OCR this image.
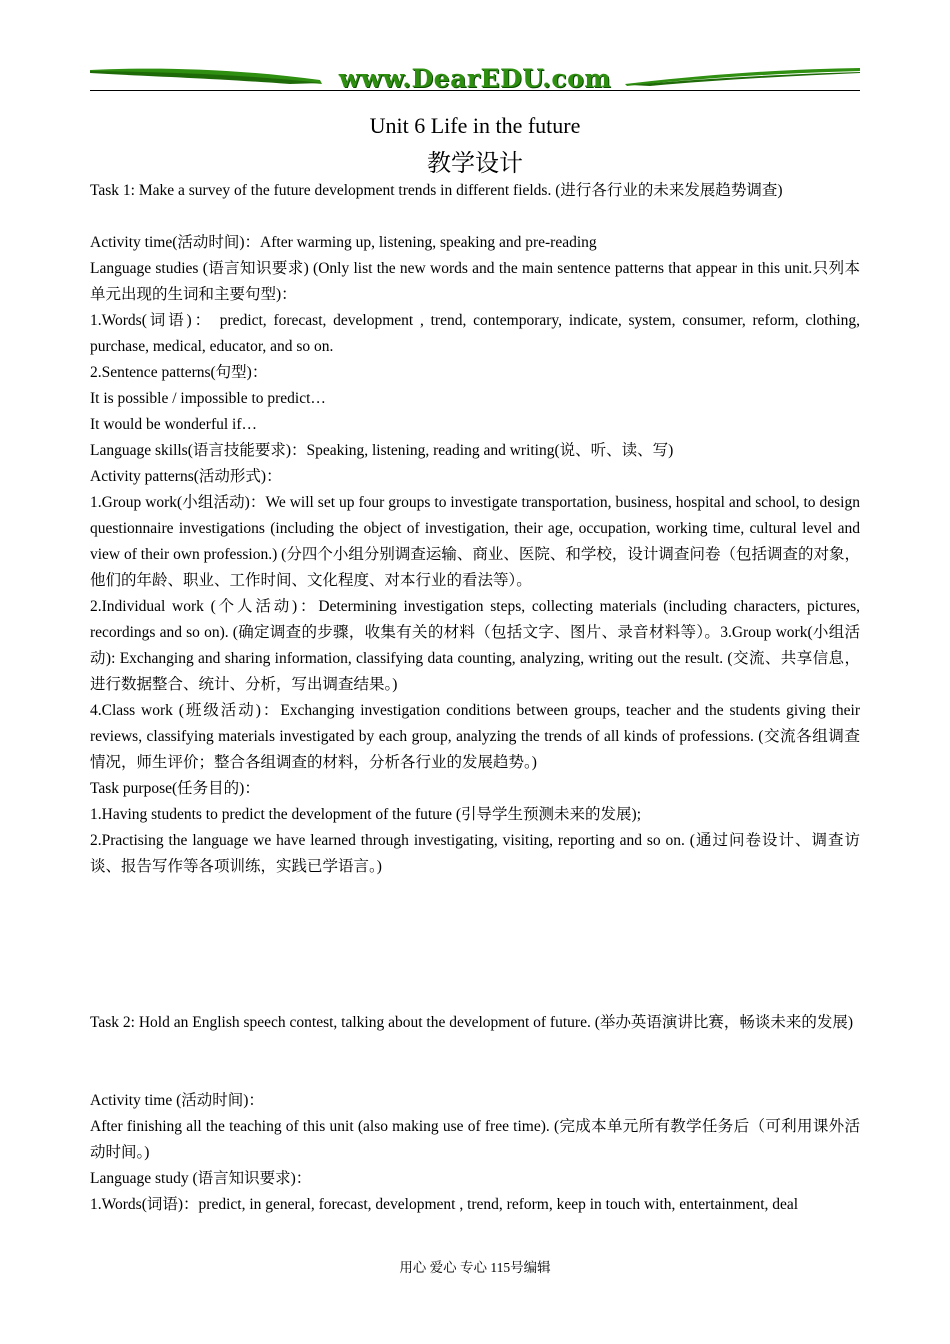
www.DearEDU.com
Unit 6 Life in the future
教学设计

Task 1: Make a survey of the future development trends in different fields. (进行各行业的未来发展趋势调查)

Activity time(活动时间)：After warming up, listening, speaking and pre-reading

Language studies (语言知识要求) (Only list the new words and the main sentence patterns that appear in this unit.只列本单元出现的生词和主要句型)：

1.Words(词语)： predict, forecast, development , trend, contemporary, indicate, system, consumer, reform, clothing, purchase, medical, educator, and so on.

2.Sentence patterns(句型)：

It is possible / impossible to predict…

It would be wonderful if…

Language skills(语言技能要求)：Speaking, listening, reading and writing(说、听、读、写)

Activity patterns(活动形式)：

1.Group work(小组活动)：We will set up four groups to investigate transportation, business, hospital and school, to design questionnaire investigations (including the object of investigation, their age, occupation, working time, cultural level and view of their own profession.) (分四个小组分别调查运输、商业、医院、和学校，设计调查问卷（包括调查的对象，他们的年龄、职业、工作时间、文化程度、对本行业的看法等）。

2.Individual work (个人活动)：Determining investigation steps, collecting materials (including characters, pictures, recordings and so on). (确定调查的步骤，收集有关的材料（包括文字、图片、录音材料等）。3.Group work(小组活动): Exchanging and sharing information, classifying data counting, analyzing, writing out the result. (交流、共享信息，进行数据整合、统计、分析，写出调查结果。)

4.Class work (班级活动)：Exchanging investigation conditions between groups, teacher and the students giving their reviews, classifying materials investigated by each group, analyzing the trends of all kinds of professions. (交流各组调查情况，师生评价；整合各组调查的材料，分析各行业的发展趋势。)

Task purpose(任务目的)：

1.Having students to predict the development of the future (引导学生预测未来的发展);

2.Practising the language we have learned through investigating, visiting, reporting and so on. (通过问卷设计、调查访谈、报告写作等各项训练，实践已学语言。)

Task 2: Hold an English speech contest, talking about the development of future. (举办英语演讲比赛，畅谈未来的发展)

Activity time (活动时间)：

After finishing all the teaching of this unit (also making use of free time). (完成本单元所有教学任务后（可利用课外活动时间。)

Language study (语言知识要求)：

1.Words(词语)：predict, in general, forecast, development , trend, reform, keep in touch with, entertainment, deal

用心 爱心 专心 115号编辑
